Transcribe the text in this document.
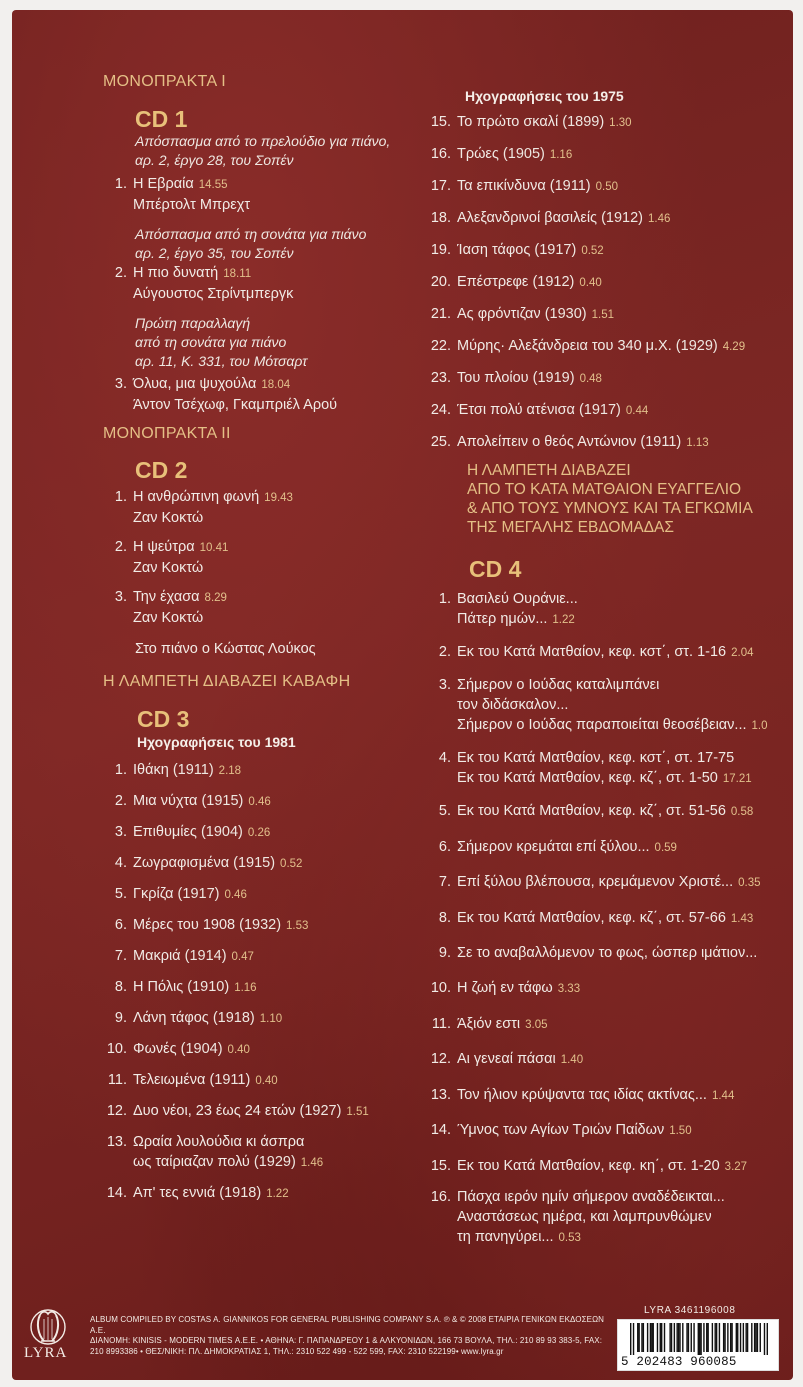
ΜΟΝΟΠΡΑΚΤΑ Ι
CD 1
Απόσπασμα από το πρελούδιο για πιάνο,
αρ. 2, έργο 28, του Σοπέν
1. Η Εβραία 14.55
Μπέρτολτ Μπρεχτ
Απόσπασμα από τη σονάτα για πιάνο
αρ. 2, έργο 35, του Σοπέν
2. Η πιο δυνατή 18.11
Αύγουστος Στρίντμπεργκ
Πρώτη παραλλαγή
από τη σονάτα για πιάνο
αρ. 11, Κ. 331, του Μότσαρτ
3. Όλυα, μια ψυχούλα 18.04
Άντον Τσέχωφ, Γκαμπριέλ Αρού
ΜΟΝΟΠΡΑΚΤΑ ΙΙ
CD 2
1. Η ανθρώπινη φωνή 19.43
Ζαν Κοκτώ
2. Η ψεύτρα 10.41
Ζαν Κοκτώ
3. Την έχασα 8.29
Ζαν Κοκτώ
Στο πιάνο ο Κώστας Λούκος
Η ΛΑΜΠΕΤΗ ΔΙΑΒΑΖΕΙ ΚΑΒΑΦΗ
CD 3
Ηχογραφήσεις του 1981
1. Ιθάκη (1911) 2.18
2. Μια νύχτα (1915) 0.46
3. Επιθυμίες (1904) 0.26
4. Ζωγραφισμένα (1915) 0.52
5. Γκρίζα (1917) 0.46
6. Μέρες του 1908 (1932) 1.53
7. Μακριά (1914) 0.47
8. Η Πόλις (1910) 1.16
9. Λάνη τάφος (1918) 1.10
10. Φωνές (1904) 0.40
11. Τελειωμένα (1911) 0.40
12. Δυο νέοι, 23 έως 24 ετών (1927) 1.51
13. Ωραία λουλούδια κι άσπρα
ως ταίριαζαν πολύ (1929) 1.46
14. Απ' τες εννιά (1918) 1.22
Ηχογραφήσεις του 1975
15. Το πρώτο σκαλί (1899) 1.30
16. Τρώες (1905) 1.16
17. Τα επικίνδυνα (1911) 0.50
18. Αλεξανδρινοί βασιλείς (1912) 1.46
19. Ίαση τάφος (1917) 0.52
20. Επέστρεφε (1912) 0.40
21. Ας φρόντιζαν (1930) 1.51
22. Μύρης· Αλεξάνδρεια του 340 μ.Χ. (1929) 4.29
23. Του πλοίου (1919) 0.48
24. Έτσι πολύ ατένισα (1917) 0.44
25. Απολείπειν ο θεός Αντώνιον (1911) 1.13
Η ΛΑΜΠΕΤΗ ΔΙΑΒΑΖΕΙ
ΑΠΟ ΤΟ ΚΑΤΑ ΜΑΤΘΑΙΟΝ ΕΥΑΓΓΕΛΙΟ
& ΑΠΟ ΤΟΥΣ ΥΜΝΟΥΣ ΚΑΙ ΤΑ ΕΓΚΩΜΙΑ
ΤΗΣ ΜΕΓΑΛΗΣ ΕΒΔΟΜΑΔΑΣ
CD 4
1. Βασιλεύ Ουράνιε...
Πάτερ ημών... 1.22
2. Εκ του Κατά Ματθαίον, κεφ. κστ΄, στ. 1-16 2.04
3. Σήμερον ο Ιούδας καταλιμπάνει
τον διδάσκαλον...
Σήμερον ο Ιούδας παραποιείται θεοσέβειαν... 1.0
4. Εκ του Κατά Ματθαίον, κεφ. κστ΄, στ. 17-75
Εκ του Κατά Ματθαίον, κεφ. κζ΄, στ. 1-50 17.21
5. Εκ του Κατά Ματθαίον, κεφ. κζ΄, στ. 51-56 0.58
6. Σήμερον κρεμάται επί ξύλου... 0.59
7. Επί ξύλου βλέπουσα, κρεμάμενον Χριστέ... 0.35
8. Εκ του Κατά Ματθαίον, κεφ. κζ΄, στ. 57-66 1.43
9. Σε το αναβαλλόμενον το φως, ώσπερ ιμάτιον...
10. Η ζωή εν τάφω 3.33
11. Άξιόν εστι 3.05
12. Αι γενεαί πάσαι 1.40
13. Τον ήλιον κρύψαντα τας ιδίας ακτίνας... 1.44
14. Ύμνος των Αγίων Τριών Παίδων 1.50
15. Εκ του Κατά Ματθαίον, κεφ. κη΄, στ. 1-20 3.27
16. Πάσχα ιερόν ημίν σήμερον αναδέδεικται...
Αναστάσεως ημέρα, και λαμπρυνθώμεν
τη πανηγύρει... 0.53
LYRA
ALBUM COMPILED BY COSTAS A. GIANNIKOS FOR GENERAL PUBLISHING COMPANY S.A. ℗ & © 2008 ΕΤΑΙΡΙΑ ΓΕΝΙΚΩΝ ΕΚΔΟΣΕΩΝ Α.Ε.
ΔΙΑΝΟΜΗ: KINISIS - MODERN TIMES Α.Ε.Ε. • ΑΘΗΝΑ: Γ. ΠΑΠΑΝΔΡΕΟΥ 1 & ΑΛΚΥΟΝΙΔΩΝ, 166 73 ΒΟΥΛΑ, ΤΗΛ.: 210 89 93 383-5, FAX:
210 8993386 • ΘΕΣ/ΝΙΚΗ: ΠΛ. ΔΗΜΟΚΡΑΤΙΑΣ 1, ΤΗΛ.: 2310 522 499 - 522 599, FAX: 2310 522199• www.lyra.gr
LYRA 3461196008
5 202483 960085
